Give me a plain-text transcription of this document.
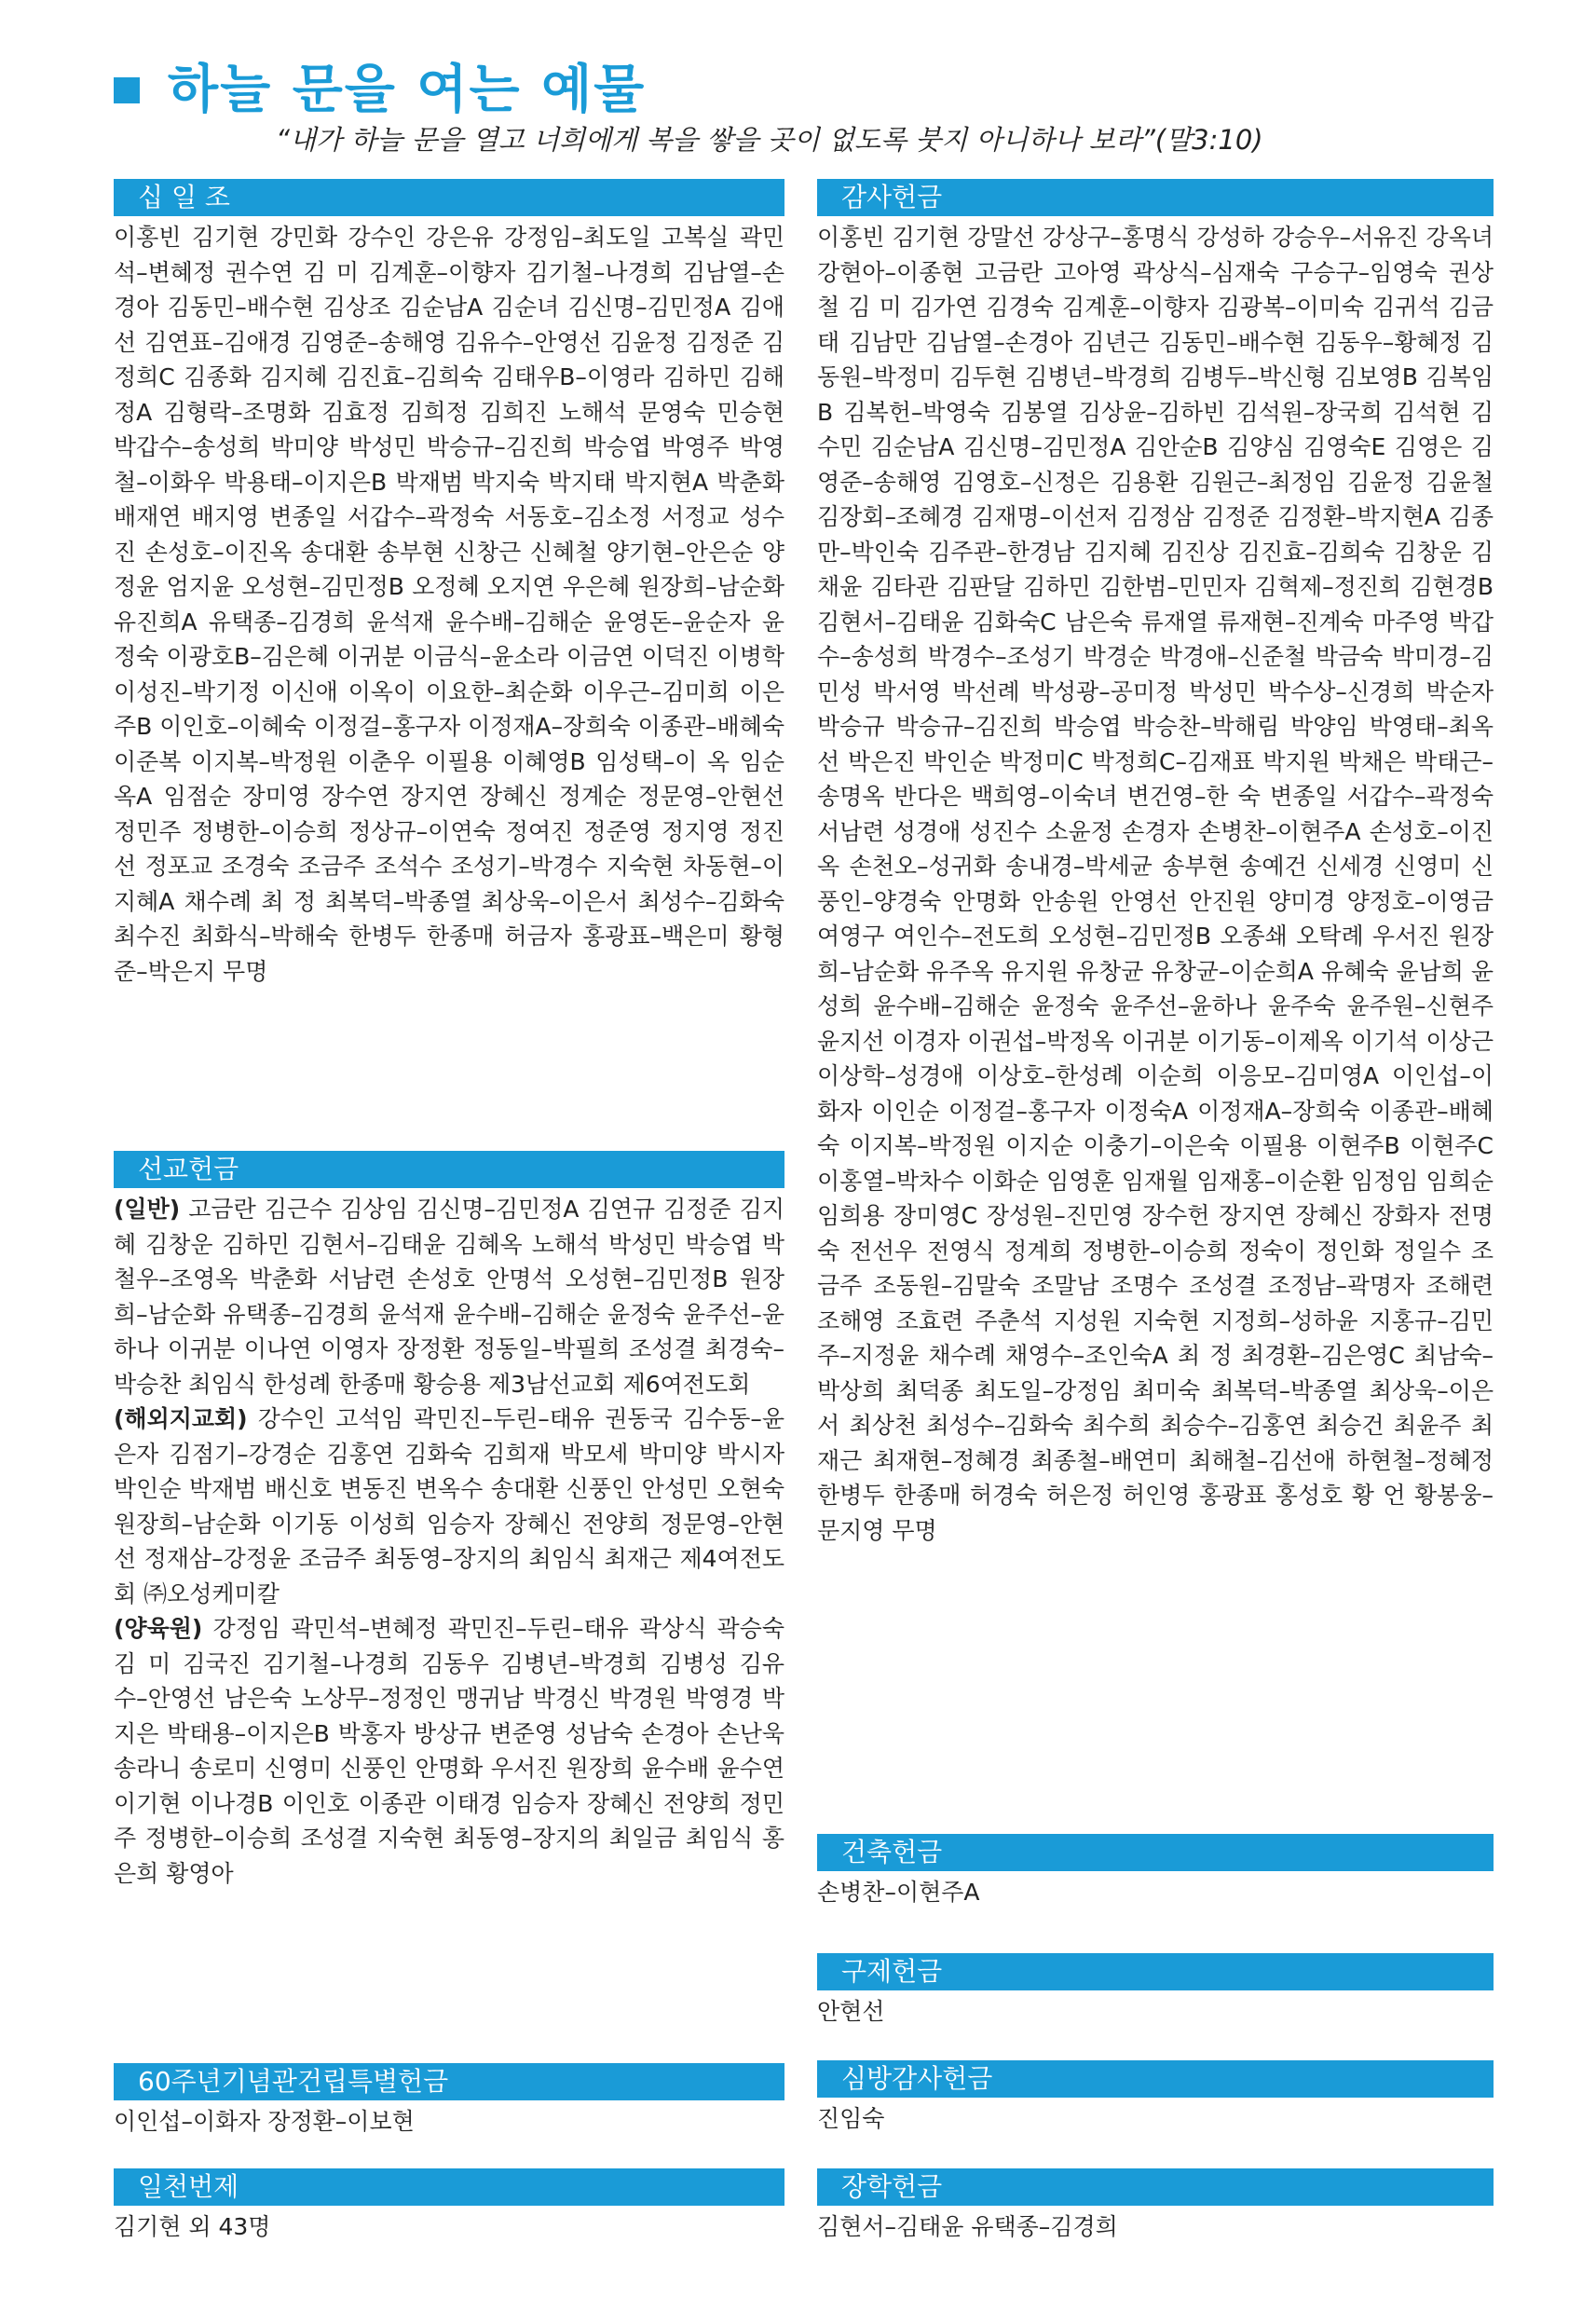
하늘 문을 여는 예물
“내가 하늘 문을 열고 너희에게 복을 쌓을 곳이 없도록 붓지 아니하나 보라”(말3:10)
십 일 조
이홍빈 김기현 강민화 강수인 강은유 강정임–최도일 고복실 곽민석–변혜정 권수연 김 미 김계훈–이향자 김기철–나경희 김남열–손경아 김동민–배수현 김상조 김순남A 김순녀 김신명–김민정A 김애선 김연표–김애경 김영준–송해영 김유수–안영선 김윤정 김정준 김정희C 김종화 김지혜 김진효–김희숙 김태우B–이영라 김하민 김해정A 김형락–조명화 김효정 김희정 김희진 노해석 문영숙 민승현 박갑수–송성희 박미양 박성민 박승규–김진희 박승엽 박영주 박영철–이화우 박용태–이지은B 박재범 박지숙 박지태 박지현A 박춘화 배재연 배지영 변종일 서갑수–곽정숙 서동호–김소정 서정교 성수진 손성호–이진옥 송대환 송부현 신창근 신혜철 양기현–안은순 양정윤 엄지윤 오성현–김민정B 오정혜 오지연 우은혜 원장희–남순화 유진희A 유택종–김경희 윤석재 윤수배–김해순 윤영돈–윤순자 윤정숙 이광호B–김은혜 이귀분 이금식–윤소라 이금연 이덕진 이병학 이성진–박기정 이신애 이옥이 이요한–최순화 이우근–김미희 이은주B 이인호–이혜숙 이정걸–홍구자 이정재A–장희숙 이종관–배혜숙 이준복 이지복–박정원 이춘우 이필용 이혜영B 임성택–이 옥 임순옥A 임점순 장미영 장수연 장지연 장혜신 정계순 정문영–안현선 정민주 정병한–이승희 정상규–이연숙 정여진 정준영 정지영 정진선 정포교 조경숙 조금주 조석수 조성기–박경수 지숙현 차동현–이지혜A 채수례 최 정 최복덕–박종열 최상욱–이은서 최성수–김화숙 최수진 최화식–박해숙 한병두 한종매 허금자 홍광표–백은미 황형준–박은지 무명
선교헌금
(일반) 고금란 김근수 김상임 김신명–김민정A 김연규 김정준 김지혜 김창운 김하민 김현서–김태윤 김혜옥 노해석 박성민 박승엽 박철우–조영옥 박춘화 서남련 손성호 안명석 오성현–김민정B 원장희–남순화 유택종–김경희 윤석재 윤수배–김해순 윤정숙 윤주선–윤하나 이귀분 이나연 이영자 장정환 정동일–박필희 조성결 최경숙–박승찬 최임식 한성례 한종매 황승용 제3남선교회 제6여전도회
(해외지교회) 강수인 고석임 곽민진–두린–태유 권동국 김수동–윤은자 김점기–강경순 김홍연 김화숙 김희재 박모세 박미양 박시자 박인순 박재범 배신호 변동진 변옥수 송대환 신풍인 안성민 오현숙 원장희–남순화 이기동 이성희 임승자 장혜신 전양희 정문영–안현선 정재삼–강정윤 조금주 최동영–장지의 최임식 최재근 제4여전도회 ㈜오성케미칼
(양육원) 강정임 곽민석–변혜정 곽민진–두린–태유 곽상식 곽승숙 김 미 김국진 김기철–나경희 김동우 김병년–박경희 김병성 김유수–안영선 남은숙 노상무–정정인 맹귀남 박경신 박경원 박영경 박지은 박태용–이지은B 박홍자 방상규 변준영 성남숙 손경아 손난욱 송라니 송로미 신영미 신풍인 안명화 우서진 원장희 윤수배 윤수연 이기현 이나경B 이인호 이종관 이태경 임승자 장혜신 전양희 정민주 정병한–이승희 조성결 지숙현 최동영–장지의 최일금 최임식 홍은희 황영아
60주년기념관건립특별헌금
이인섭–이화자 장정환–이보현
일천번제
김기현 외 43명
감사헌금
이홍빈 김기현 강말선 강상구–홍명식 강성하 강승우–서유진 강옥녀 강현아–이종현 고금란 고아영 곽상식–심재숙 구승구–임영숙 권상철 김 미 김가연 김경숙 김계훈–이향자 김광복–이미숙 김귀석 김금태 김남만 김남열–손경아 김년근 김동민–배수현 김동우–황혜정 김동원–박정미 김두현 김병년–박경희 김병두–박신형 김보영B 김복임B 김복헌–박영숙 김봉열 김상윤–김하빈 김석원–장국희 김석현 김수민 김순남A 김신명–김민정A 김안순B 김양심 김영숙E 김영은 김영준–송해영 김영호–신정은 김용환 김원근–최정임 김윤정 김윤철 김장회–조혜경 김재명–이선저 김정삼 김정준 김정환–박지현A 김종만–박인숙 김주관–한경남 김지혜 김진상 김진효–김희숙 김창운 김채윤 김타관 김판달 김하민 김한범–민민자 김혁제–정진희 김현경B 김현서–김태윤 김화숙C 남은숙 류재열 류재현–진계숙 마주영 박갑수–송성희 박경수–조성기 박경순 박경애–신준철 박금숙 박미경–김민성 박서영 박선례 박성광–공미정 박성민 박수상–신경희 박순자 박승규 박승규–김진희 박승엽 박승찬–박해림 박양임 박영태–최옥선 박은진 박인순 박정미C 박정희C–김재표 박지원 박채은 박태근–송명옥 반다은 백희영–이숙녀 변건영–한 숙 변종일 서갑수–곽정숙 서남련 성경애 성진수 소윤정 손경자 손병찬–이현주A 손성호–이진옥 손천오–성귀화 송내경–박세균 송부현 송예건 신세경 신영미 신풍인–양경숙 안명화 안송원 안영선 안진원 양미경 양정호–이영금 여영구 여인수–전도희 오성현–김민정B 오종쇄 오탁례 우서진 원장희–남순화 유주옥 유지원 유창균 유창균–이순희A 유혜숙 윤남희 윤성희 윤수배–김해순 윤정숙 윤주선–윤하나 윤주숙 윤주원–신현주 윤지선 이경자 이권섭–박정옥 이귀분 이기동–이제옥 이기석 이상근 이상학–성경애 이상호–한성례 이순희 이응모–김미영A 이인섭–이화자 이인순 이정걸–홍구자 이정숙A 이정재A–장희숙 이종관–배혜숙 이지복–박정원 이지순 이충기–이은숙 이필용 이현주B 이현주C 이홍열–박차수 이화순 임영훈 임재월 임재홍–이순환 임정임 임희순 임희용 장미영C 장성원–진민영 장수헌 장지연 장혜신 장화자 전명숙 전선우 전영식 정계희 정병한–이승희 정숙이 정인화 정일수 조금주 조동원–김말숙 조말남 조명수 조성결 조정남–곽명자 조해련 조해영 조효련 주춘석 지성원 지숙현 지정희–성하윤 지홍규–김민주–지정윤 채수례 채영수–조인숙A 최 정 최경환–김은영C 최남숙–박상희 최덕종 최도일–강정임 최미숙 최복덕–박종열 최상욱–이은서 최상천 최성수–김화숙 최수희 최승수–김홍연 최승건 최윤주 최재근 최재현–정혜경 최종철–배연미 최해철–김선애 하현철–정혜정 한병두 한종매 허경숙 허은정 허인영 홍광표 홍성호 황 언 황봉웅–문지영 무명
건축헌금
손병찬–이현주A
구제헌금
안현선
심방감사헌금
진임숙
장학헌금
김현서–김태윤 유택종–김경희
